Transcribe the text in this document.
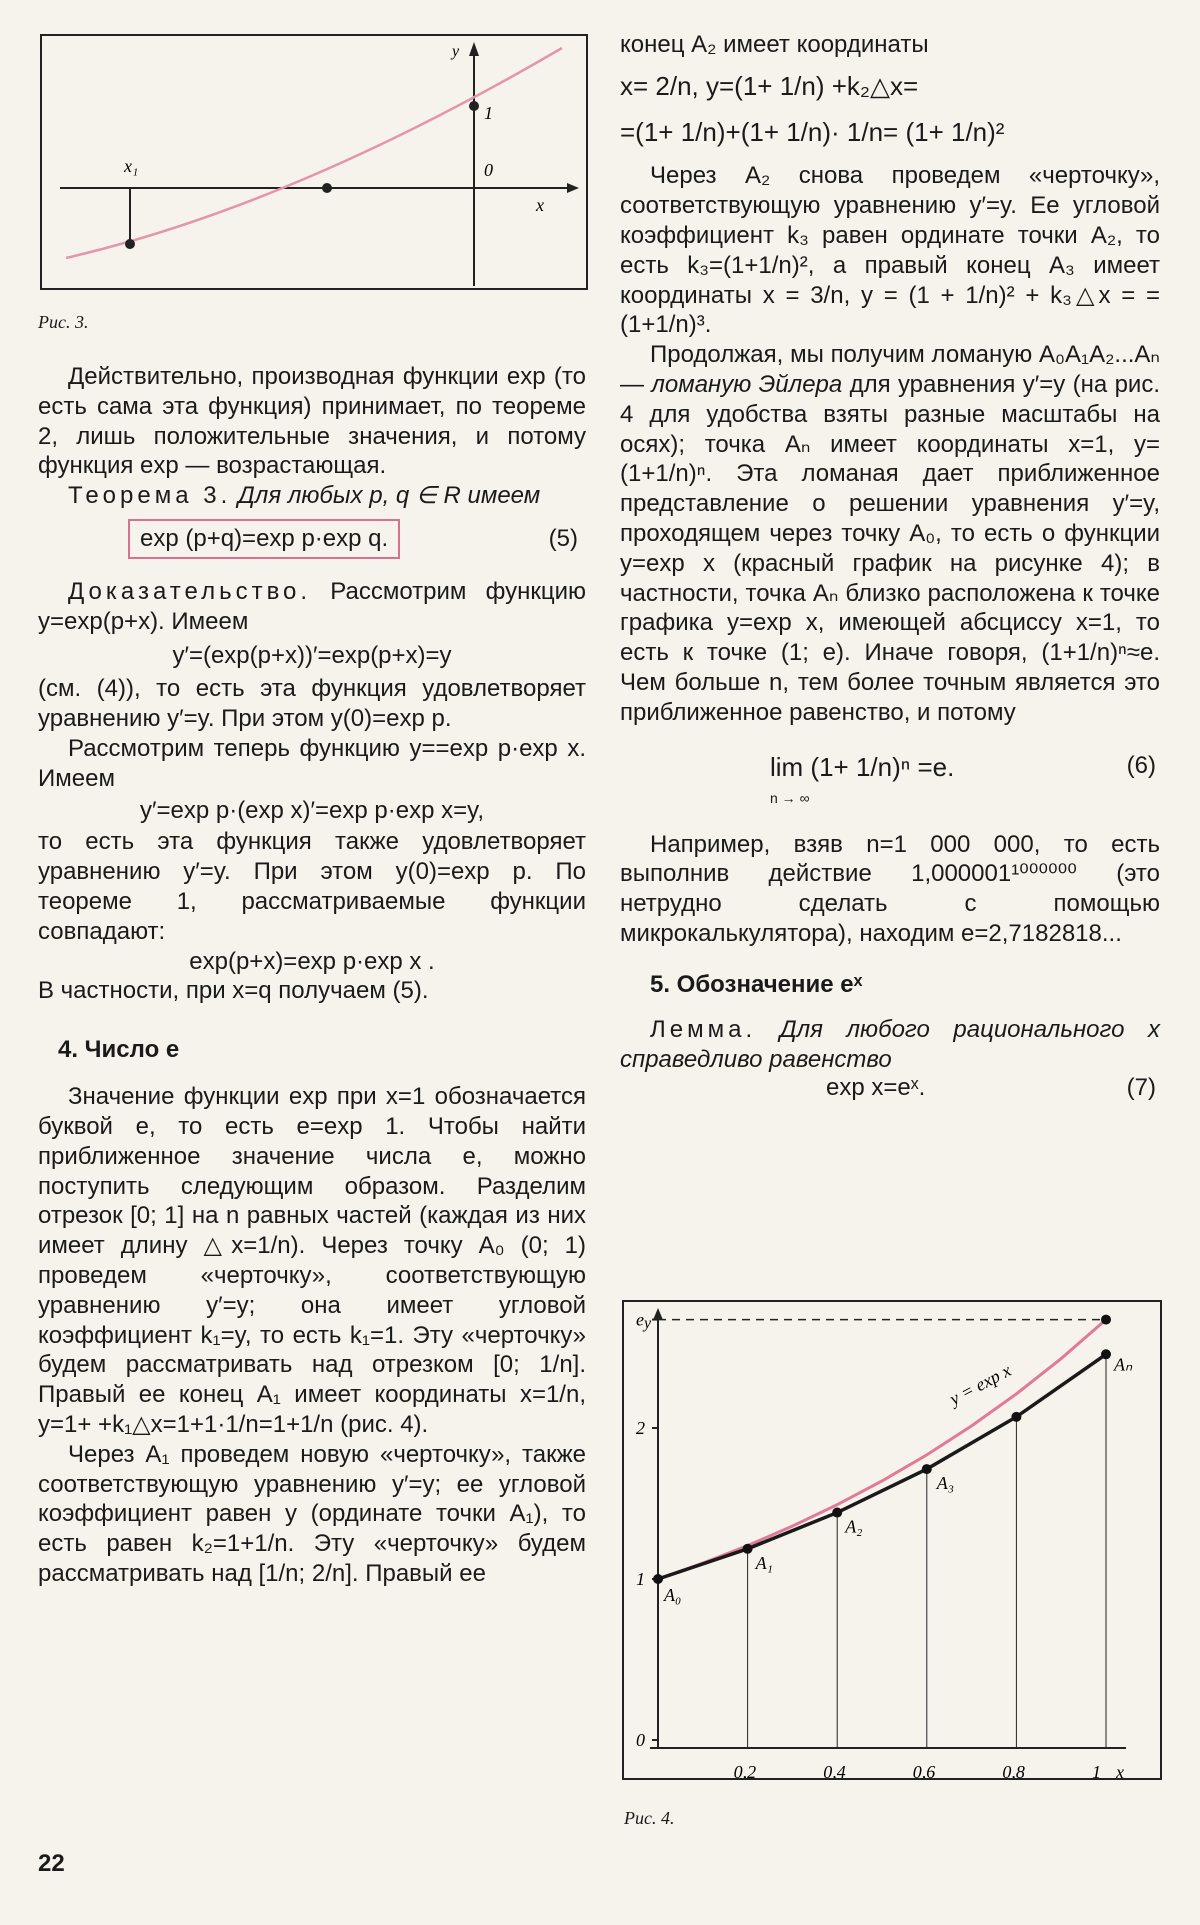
y
x
x₁	0
1
Рис. 3.

Действительно, производная функции exp (то есть сама эта функция) принимает, по теореме 2, лишь положительные значения, и потому функция exp — возрастающая.

Теорема 3. Для любых p, q ∈ R имеем

exp (p+q)=exp p·exp q.	(5)

Доказательство. Рассмотрим функцию y=exp(p+x). Имеем

y′=(exp(p+x))′=exp(p+x)=y

(см. (4)), то есть эта функция удовлетворяет уравнению y′=y. При этом y(0)=exp p.

Рассмотрим теперь функцию y==exp p·exp x. Имеем

y′=exp p·(exp x)′=exp p·exp x=y,

то есть эта функция также удовлетворяет уравнению y′=y. При этом y(0)=exp p. По теореме 1, рассматриваемые функции совпадают:

exp(p+x)=exp p·exp x .

В частности, при x=q получаем (5).

4. Число e

Значение функции exp при x=1 обозначается буквой e, то есть e=exp 1. Чтобы найти приближенное значение числа e, можно поступить следующим образом. Разделим отрезок [0; 1] на n равных частей (каждая из них имеет длину △x=1/n). Через точку A₀ (0; 1) проведем «черточку», соответствующую уравнению y′=y; она имеет угловой коэффициент k₁=y, то есть k₁=1. Эту «черточку» будем рассматривать над отрезком [0; 1/n]. Правый ее конец A₁ имеет координаты x=1/n, y=1+ +k₁△x=1+1·1/n=1+1/n (рис. 4).

Через A₁ проведем новую «черточку», также соответствующую уравнению y′=y; ее угловой коэффициент равен y (ординате точки A₁), то есть равен k₂=1+1/n. Эту «черточку» будем рассматривать над [1/n; 2/n]. Правый ее

22

конец A₂ имеет координаты

x= 2/n, y=(1+ 1/n) +k₂△x=

=(1+ 1/n)+(1+ 1/n)· 1/n= (1+ 1/n)²

Через A₂ снова проведем «черточку», соответствующую уравнению y′=y. Ее угловой коэффициент k₃ равен ординате точки A₂, то есть k₃=(1+1/n)², а правый конец A₃ имеет координаты x = 3/n, y = (1 + 1/n)² + k₃△x = =(1+1/n)³.

Продолжая, мы получим ломаную A₀A₁A₂...Aₙ — ломаную Эйлера для уравнения y′=y (на рис. 4 для удобства взяты разные масштабы на осях); точка Aₙ имеет координаты x=1, y=(1+1/n)ⁿ. Эта ломаная дает приближенное представление о решении уравнения y′=y, проходящем через точку A₀, то есть о функции y=exp x (красный график на рисунке 4); в частности, точка Aₙ близко расположена к точке графика y=exp x, имеющей абсциссу x=1, то есть к точке (1; e). Иначе говоря, (1+1/n)ⁿ≈e. Чем больше n, тем более точным является это приближенное равенство, и потому

lim (1+ 1/n)ⁿ =e.
n → ∞
(6)

Например, взяв n=1 000 000, то есть выполнив действие 1,000001¹⁰⁰⁰⁰⁰⁰ (это нетрудно сделать с помощью микрокалькулятора), находим e=2,7182818...

5. Обозначение eˣ

Лемма. Для любого рационального x справедливо равенство

exp x=eˣ.	(7)
y
x
0
1
2
e
0,2	0,4	0,6	0,8	1
A₀
A₁
A₂
A₃
Aₙ
y = exp x
Рис. 4.
